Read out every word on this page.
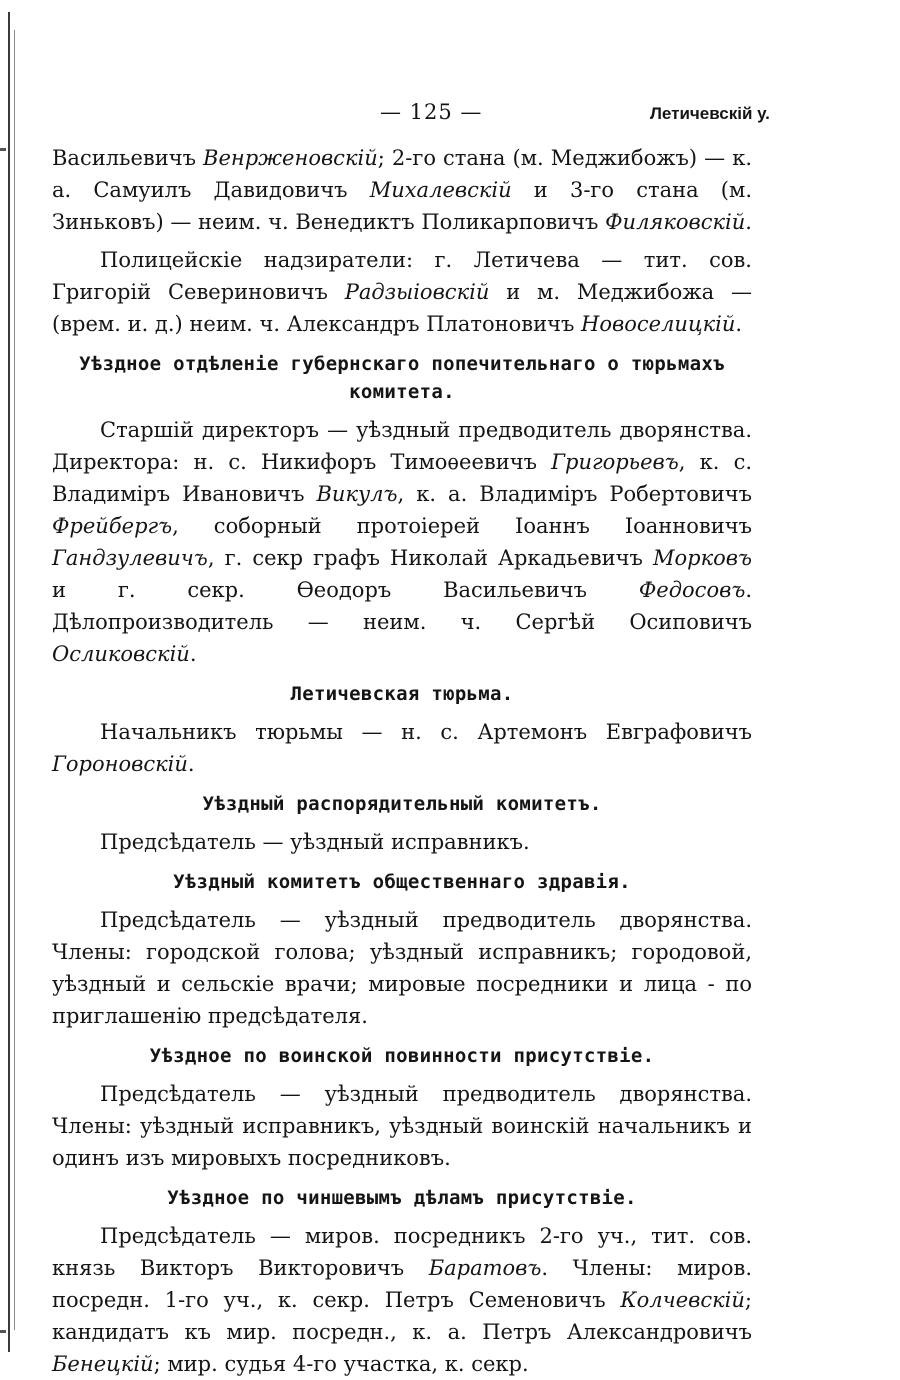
— 125 —	Летичевскій у.

Васильевичъ Венрженовскій; 2-го стана (м. Меджибожъ) — к. а. Самуилъ Давидовичъ Михалевскій и 3-го стана (м. Зиньковъ) — неим. ч. Венедиктъ Поликарповичъ Филяковскій.

Полицейскіе надзиратели: г. Летичева — тит. сов. Григорій Севериновичъ Радзыіовскій и м. Меджибожа — (врем. и. д.) неим. ч. Александръ Платоновичъ Новоселицкій.

Уѣздное отдѣленіе губернскаго попечительнаго о тюрьмахъ комитета.

Старшій директоръ — уѣздный предводитель дворянства. Директора: н. с. Никифоръ Тимоѳеевичъ Григорьевъ, к. с. Владиміръ Ивановичъ Викулъ, к. а. Владиміръ Робертовичъ Фрейбергъ, соборный протоіерей Іоаннъ Іоанновичъ Гандзулевичъ, г. секр графъ Николай Аркадьевичъ Морковъ и г. секр. Ѳеодоръ Васильевичъ Федосовъ. Дѣлопроизводитель — неим. ч. Сергѣй Осиповичъ Осликовскій.

Летичевская тюрьма.

Начальникъ тюрьмы — н. с. Артемонъ Евграфовичъ Гороновскій.

Уѣздный распорядительный комитетъ.

Предсѣдатель — уѣздный исправникъ.

Уѣздный комитетъ общественнаго здравія.

Предсѣдатель — уѣздный предводитель дворянства. Члены: городской голова; уѣздный исправникъ; городовой, уѣздный и сельскіе врачи; мировые посредники и лица - по приглашенію предсѣдателя.

Уѣздное по воинской повинности присутствіе.

Предсѣдатель — уѣздный предводитель дворянства. Члены: уѣздный исправникъ, уѣздный воинскій начальникъ и одинъ изъ мировыхъ посредниковъ.

Уѣздное по чиншевымъ дѣламъ присутствіе.

Предсѣдатель — миров. посредникъ 2-го уч., тит. сов. князь Викторъ Викторовичъ Баратовъ. Члены: миров. посредн. 1-го уч., к. секр. Петръ Семеновичъ Колчевскій; кандидатъ къ мир. посредн., к. а. Петръ Александровичъ Бенецкій; мир. судья 4-го участка, к. секр.
